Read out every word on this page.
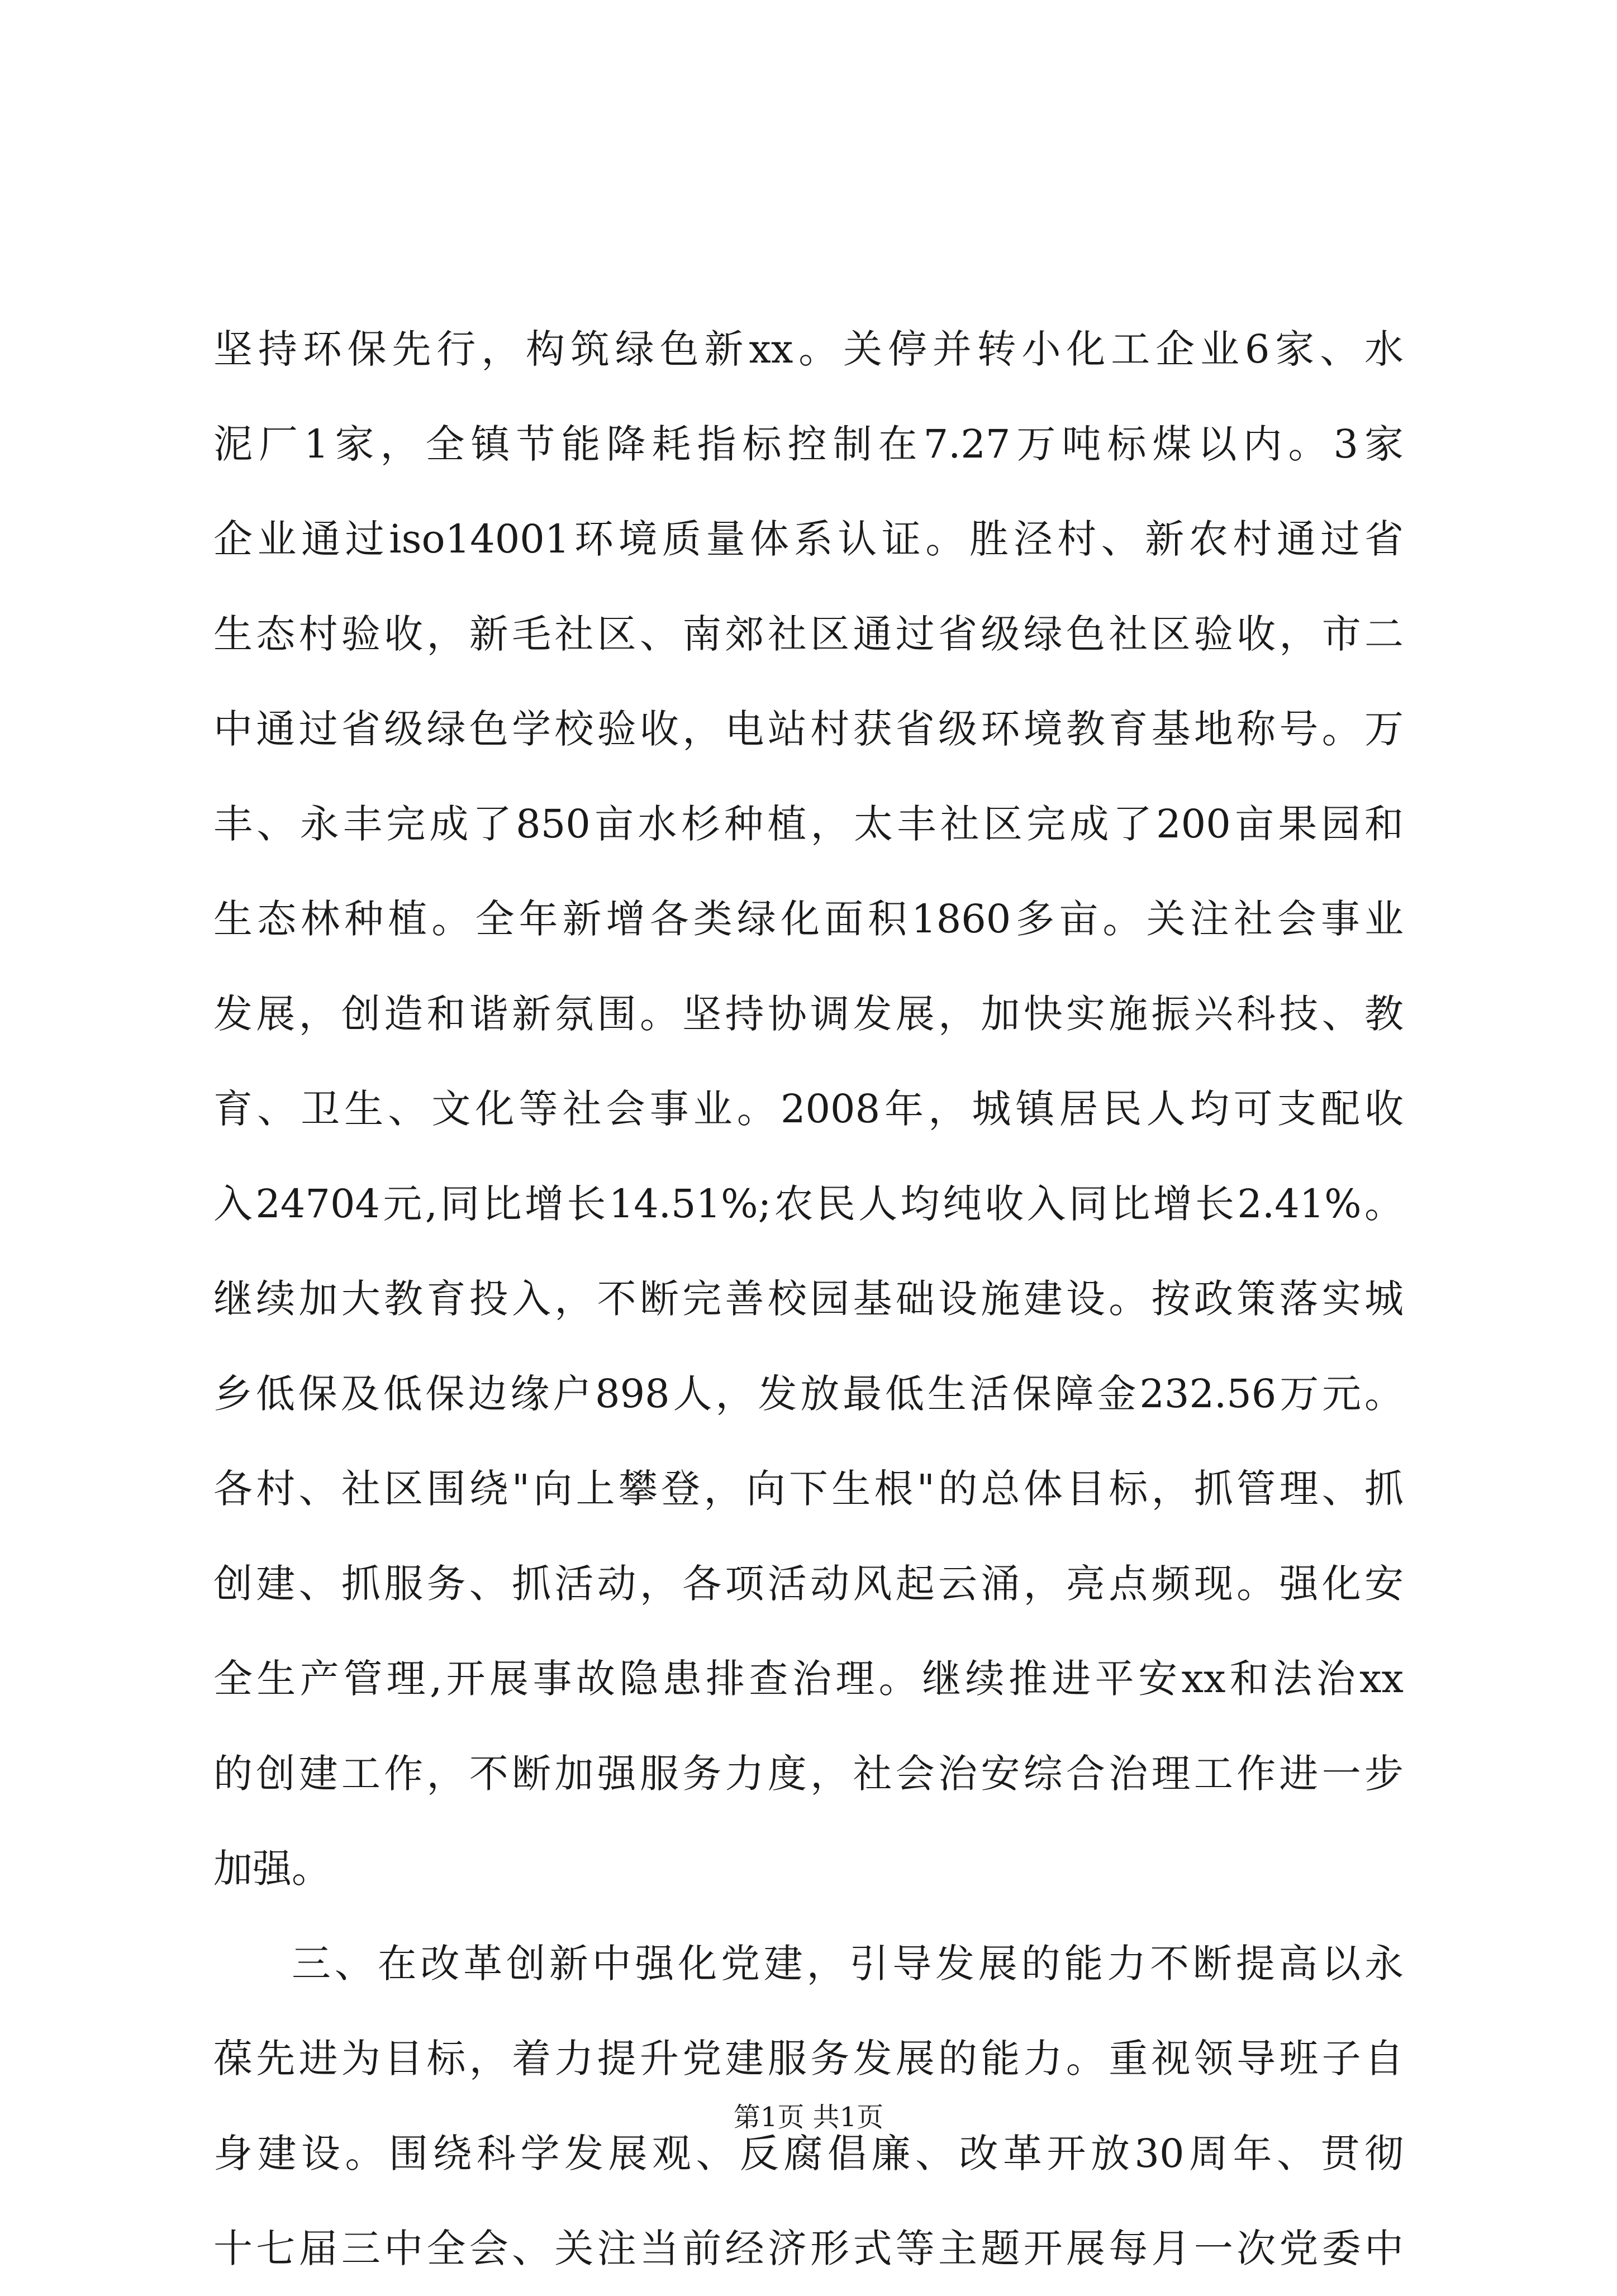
坚持环保先行，构筑绿色新xx。关停并转小化工企业6家、水
泥厂1家，全镇节能降耗指标控制在7.27万吨标煤以内。3家
企业通过iso14001环境质量体系认证。胜泾村、新农村通过省
生态村验收，新毛社区、南郊社区通过省级绿色社区验收，市二
中通过省级绿色学校验收，电站村获省级环境教育基地称号。万
丰、永丰完成了850亩水杉种植，太丰社区完成了200亩果园和
生态林种植。全年新增各类绿化面积1860多亩。关注社会事业
发展，创造和谐新氛围。坚持协调发展，加快实施振兴科技、教
育、卫生、文化等社会事业。2008年，城镇居民人均可支配收
入24704元,同比增长14.51%;农民人均纯收入同比增长2.41%。
继续加大教育投入，不断完善校园基础设施建设。按政策落实城
乡低保及低保边缘户898人，发放最低生活保障金232.56万元。
各村、社区围绕"向上攀登，向下生根"的总体目标，抓管理、抓
创建、抓服务、抓活动，各项活动风起云涌，亮点频现。强化安
全生产管理,开展事故隐患排查治理。继续推进平安xx和法治xx
的创建工作，不断加强服务力度，社会治安综合治理工作进一步
加强。
三、在改革创新中强化党建，引导发展的能力不断提高以永
葆先进为目标，着力提升党建服务发展的能力。重视领导班子自
身建设。围绕科学发展观、反腐倡廉、改革开放30周年、贯彻
十七届三中全会、关注当前经济形式等主题开展每月一次党委中
第1页 共1页
